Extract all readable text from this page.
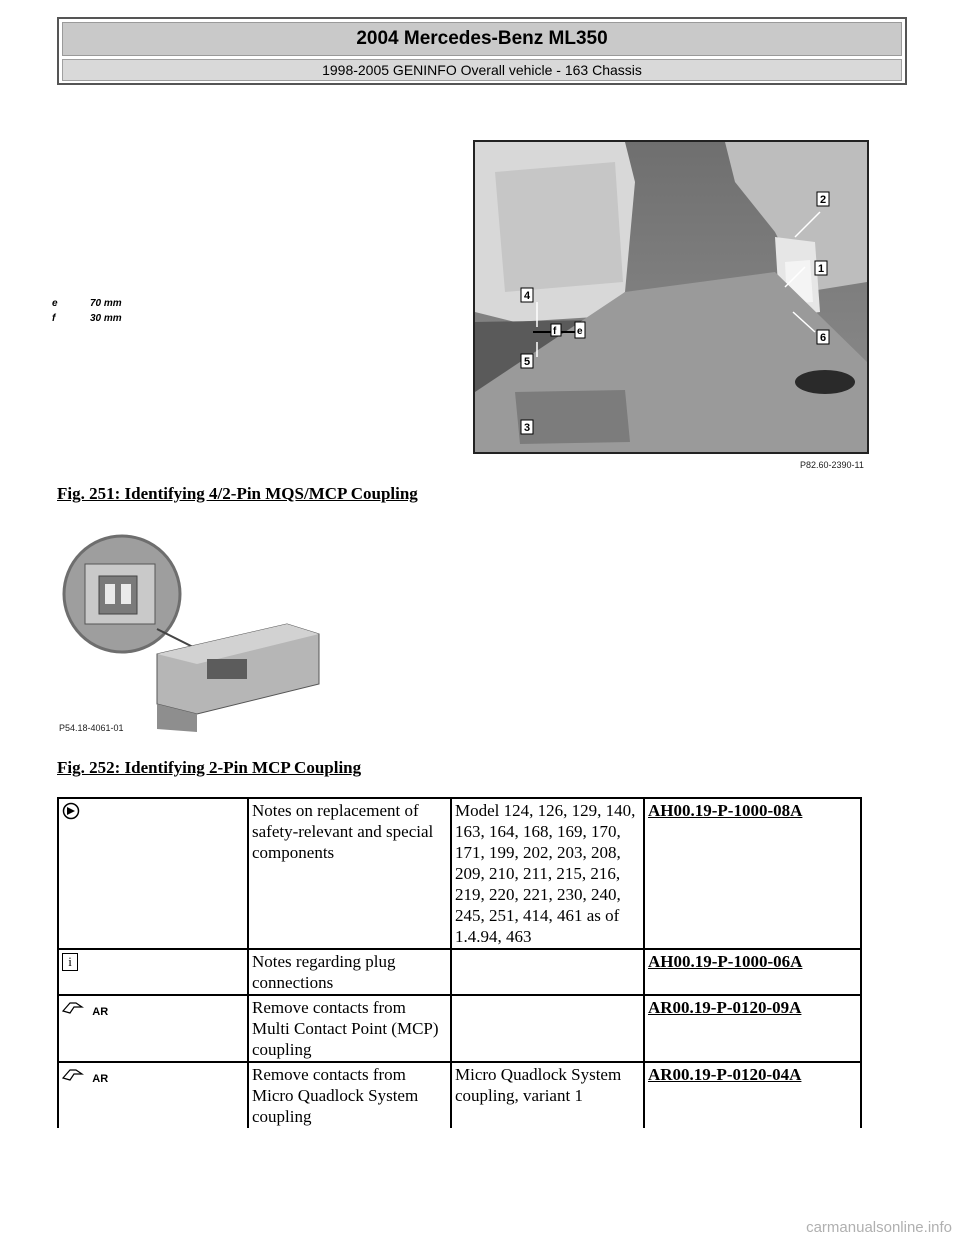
2004 Mercedes-Benz ML350
1998-2005 GENINFO Overall vehicle - 163 Chassis
e	70 mm
f	30 mm
f e
1
2
3
4
5
6
P82.60-2390-11
Fig. 251: Identifying 4/2-Pin MQS/MCP Coupling
P54.18-4061-01
Fig. 252: Identifying 2-Pin MCP Coupling
	Notes on replacement of safety-relevant and special components	Model 124, 126, 129, 140, 163, 164, 168, 169, 170, 171, 199, 202, 203, 208, 209, 210, 211, 215, 216, 219, 220, 221, 230, 240, 245, 251, 414, 461 as of 1.4.94, 463	AH00.19-P-1000-08A
i	Notes regarding plug connections		AH00.19-P-1000-06A
AR	Remove contacts from Multi Contact Point (MCP) coupling		AR00.19-P-0120-09A
AR	Remove contacts from Micro Quadlock System coupling	Micro Quadlock System coupling, variant 1	AR00.19-P-0120-04A
carmanualsonline.info
